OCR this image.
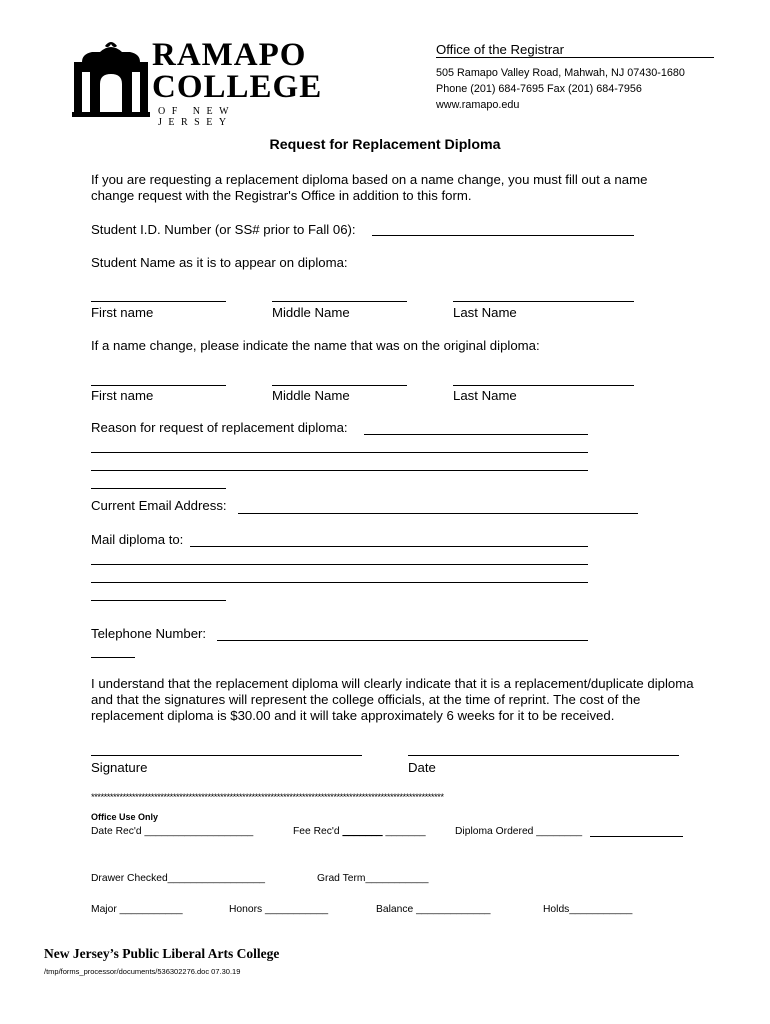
RAMAPO
COLLEGE
OF NEW JERSEY
Office of the Registrar
505 Ramapo Valley Road, Mahwah, NJ 07430-1680
Phone (201) 684-7695 Fax (201) 684-7956
www.ramapo.edu
Request for Replacement Diploma
If you are requesting a replacement diploma based on a name change, you must fill out a name change request with the Registrar's Office in addition to this form.
Student I.D. Number (or SS# prior to Fall 06):
Student Name as it is to appear on diploma:
First name	Middle Name	Last Name
If a name change, please indicate the name that was on the original diploma:
First name	Middle Name	Last Name
Reason for request of replacement diploma:
Current Email Address:
Mail diploma to:
Telephone Number:
I understand that the replacement diploma will clearly indicate that it is a replacement/duplicate diploma and that the signatures will represent the college officials, at the time of reprint. The cost of the replacement diploma is $30.00 and it will take approximately 6 weeks for it to be received.
Signature	Date
****************************************************************************************************************
Office Use Only
Date Rec'd ___________________	Fee Rec'd _______ _______	Diploma Ordered ________
Drawer Checked_________________	Grad Term___________
Major ___________	Honors ___________	Balance _____________	Holds___________
New Jersey’s Public Liberal Arts College
/tmp/forms_processor/documents/536302276.doc 07.30.19
